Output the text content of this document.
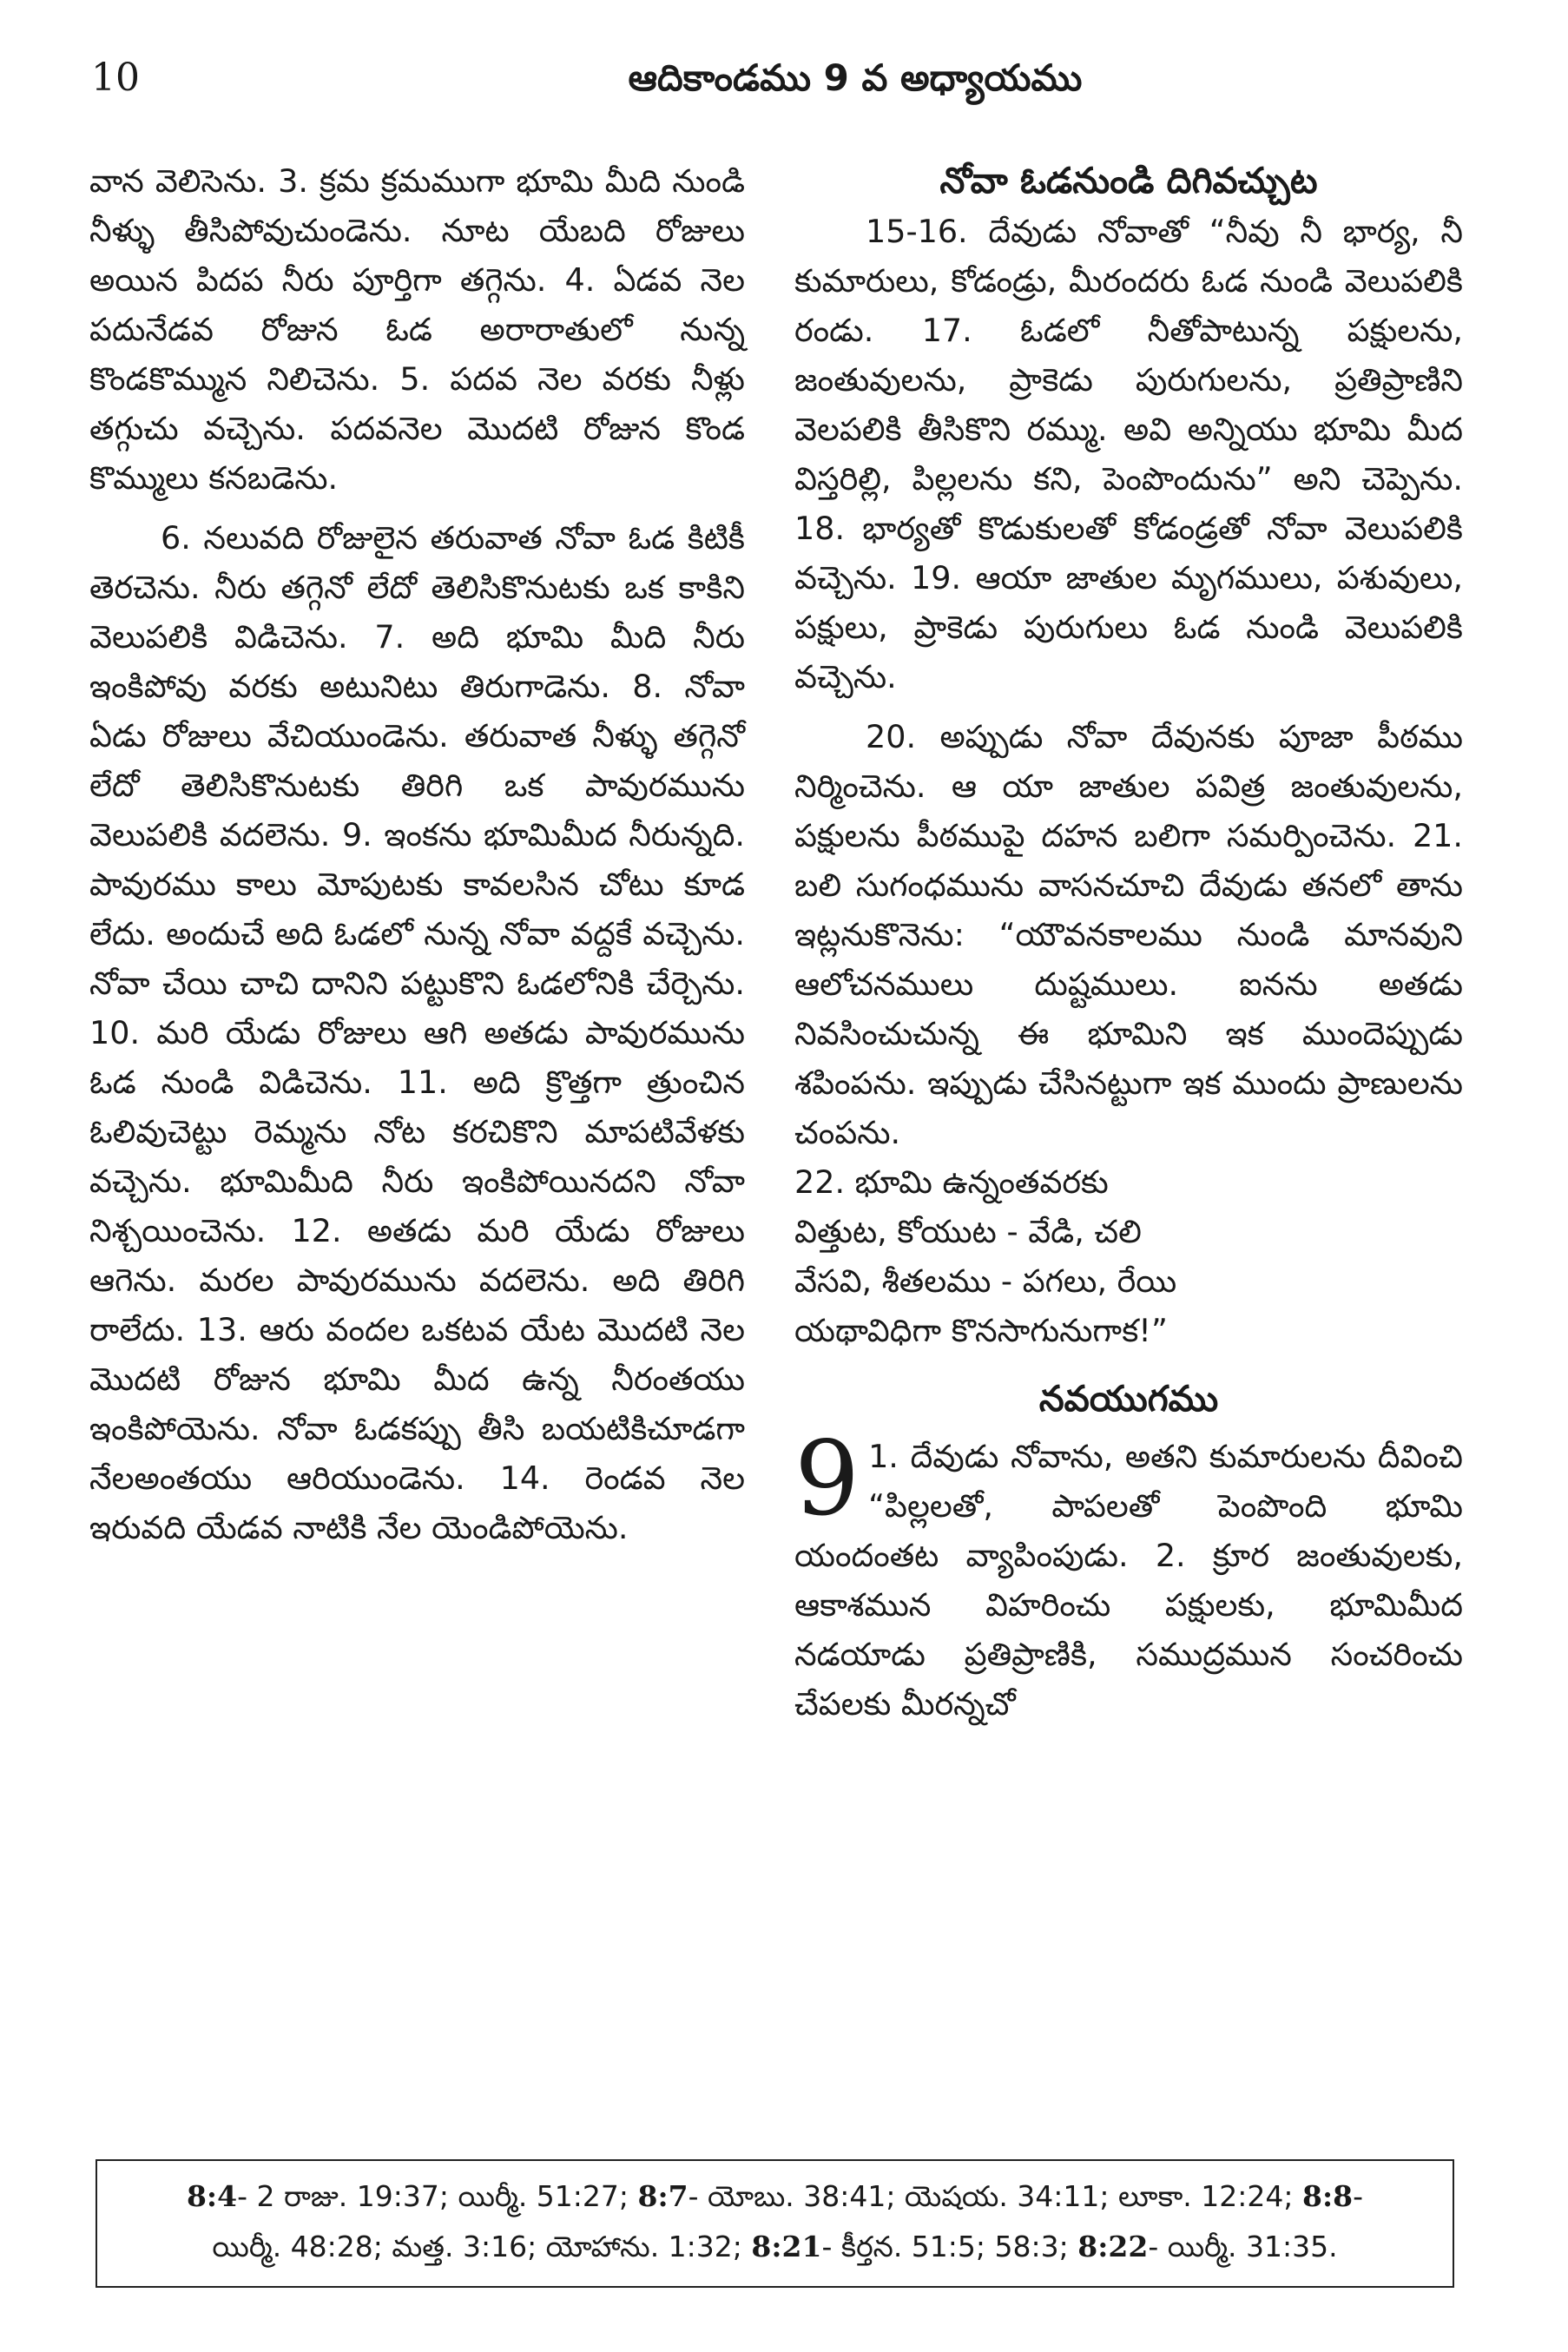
10	ఆదికాండము 9 వ అధ్యాయము

వాన వెలిసెను. 3. క్రమ క్రమముగా భూమి మీది నుండి నీళ్ళు తీసిపోవుచుండెను. నూట యేబది రోజులు అయిన పిదప నీరు పూర్తిగా తగ్గెను. 4. ఏడవ నెల పదునేడవ రోజున ఓడ అరారాతులో నున్న కొండకొమ్మున నిలిచెను. 5. పదవ నెల వరకు నీళ్లు తగ్గుచు వచ్చెను. పదవనెల మొదటి రోజున కొండ కొమ్ములు కనబడెను.

6. నలువది రోజులైన తరువాత నోవా ఓడ కిటికీ తెరచెను. నీరు తగ్గెనో లేదో తెలిసికొనుటకు ఒక కాకిని వెలుపలికి విడిచెను. 7. అది భూమి మీది నీరు ఇంకిపోవు వరకు అటునిటు తిరుగాడెను. 8. నోవా ఏడు రోజులు వేచియుండెను. తరువాత నీళ్ళు తగ్గెనో లేదో తెలిసికొనుటకు తిరిగి ఒక పావురమును వెలుపలికి వదలెను. 9. ఇంకను భూమిమీద నీరున్నది. పావురము కాలు మోపుటకు కావలసిన చోటు కూడ లేదు. అందుచే అది ఓడలో నున్న నోవా వద్దకే వచ్చెను. నోవా చేయి చాచి దానిని పట్టుకొని ఓడలోనికి చేర్చెను. 10. మరి యేడు రోజులు ఆగి అతడు పావురమును ఓడ నుండి విడిచెను. 11. అది క్రొత్తగా త్రుంచిన ఓలివుచెట్టు రెమ్మను నోట కరచికొని మాపటివేళకు వచ్చెను. భూమిమీది నీరు ఇంకిపోయినదని నోవా నిశ్చయించెను. 12. అతడు మరి యేడు రోజులు ఆగెను. మరల పావురమును వదలెను. అది తిరిగి రాలేదు. 13. ఆరు వందల ఒకటవ యేట మొదటి నెల మొదటి రోజున భూమి మీద ఉన్న నీరంతయు ఇంకిపోయెను. నోవా ఓడకప్పు తీసి బయటికిచూడగా నేలఅంతయు ఆరియుండెను. 14. రెండవ నెల ఇరువది యేడవ నాటికి నేల యెండిపోయెను.

నోవా ఓడనుండి దిగివచ్చుట

15-16. దేవుడు నోవాతో “నీవు నీ భార్య, నీ కుమారులు, కోడండ్రు, మీరందరు ఓడ నుండి వెలుపలికి రండు. 17. ఓడలో నీతోపాటున్న పక్షులను, జంతువులను, ప్రాకెడు పురుగులను, ప్రతిప్రాణిని వెలపలికి తీసికొని రమ్ము. అవి అన్నియు భూమి మీద విస్తరిల్లి, పిల్లలను కని, పెంపొందును” అని చెప్పెను. 18. భార్యతో కొడుకులతో కోడండ్రతో నోవా వెలుపలికి వచ్చెను. 19. ఆయా జాతుల మృగములు, పశువులు, పక్షులు, ప్రాకెడు పురుగులు ఓడ నుండి వెలుపలికి వచ్చెను.

20. అప్పుడు నోవా దేవునకు పూజా పీఠము నిర్మించెను. ఆ యా జాతుల పవిత్ర జంతువులను, పక్షులను పీఠముపై దహన బలిగా సమర్పించెను. 21. బలి సుగంధమును వాసనచూచి దేవుడు తనలో తాను ఇట్లనుకొనెను: “యౌవనకాలము నుండి మానవుని ఆలోచనములు దుష్టములు. ఐనను అతడు నివసించుచున్న ఈ భూమిని ఇక ముందెప్పుడు శపింపను. ఇప్పుడు చేసినట్టుగా ఇక ముందు ప్రాణులను చంపను.

22. భూమి ఉన్నంతవరకు

విత్తుట, కోయుట - వేడి, చలి

వేసవి, శీతలము - పగలు, రేయి

యథావిధిగా కొనసాగునుగాక!”

నవయుగము

9 1. దేవుడు నోవాను, అతని కుమారులను దీవించి “పిల్లలతో, పాపలతో పెంపొంది భూమి యందంతట వ్యాపింపుడు. 2. క్రూర జంతువులకు, ఆకాశమున విహరించు పక్షులకు, భూమిమీద నడయాడు ప్రతిప్రాణికి, సముద్రమున సంచరించు చేపలకు మీరన్నచో

8:4- 2 రాజు. 19:37; యిర్మీ. 51:27; 8:7- యోబు. 38:41; యెషయ. 34:11; లూకా. 12:24; 8:8-
యిర్మీ. 48:28; మత్త. 3:16; యోహాను. 1:32; 8:21- కీర్తన. 51:5; 58:3; 8:22- యిర్మీ. 31:35.
